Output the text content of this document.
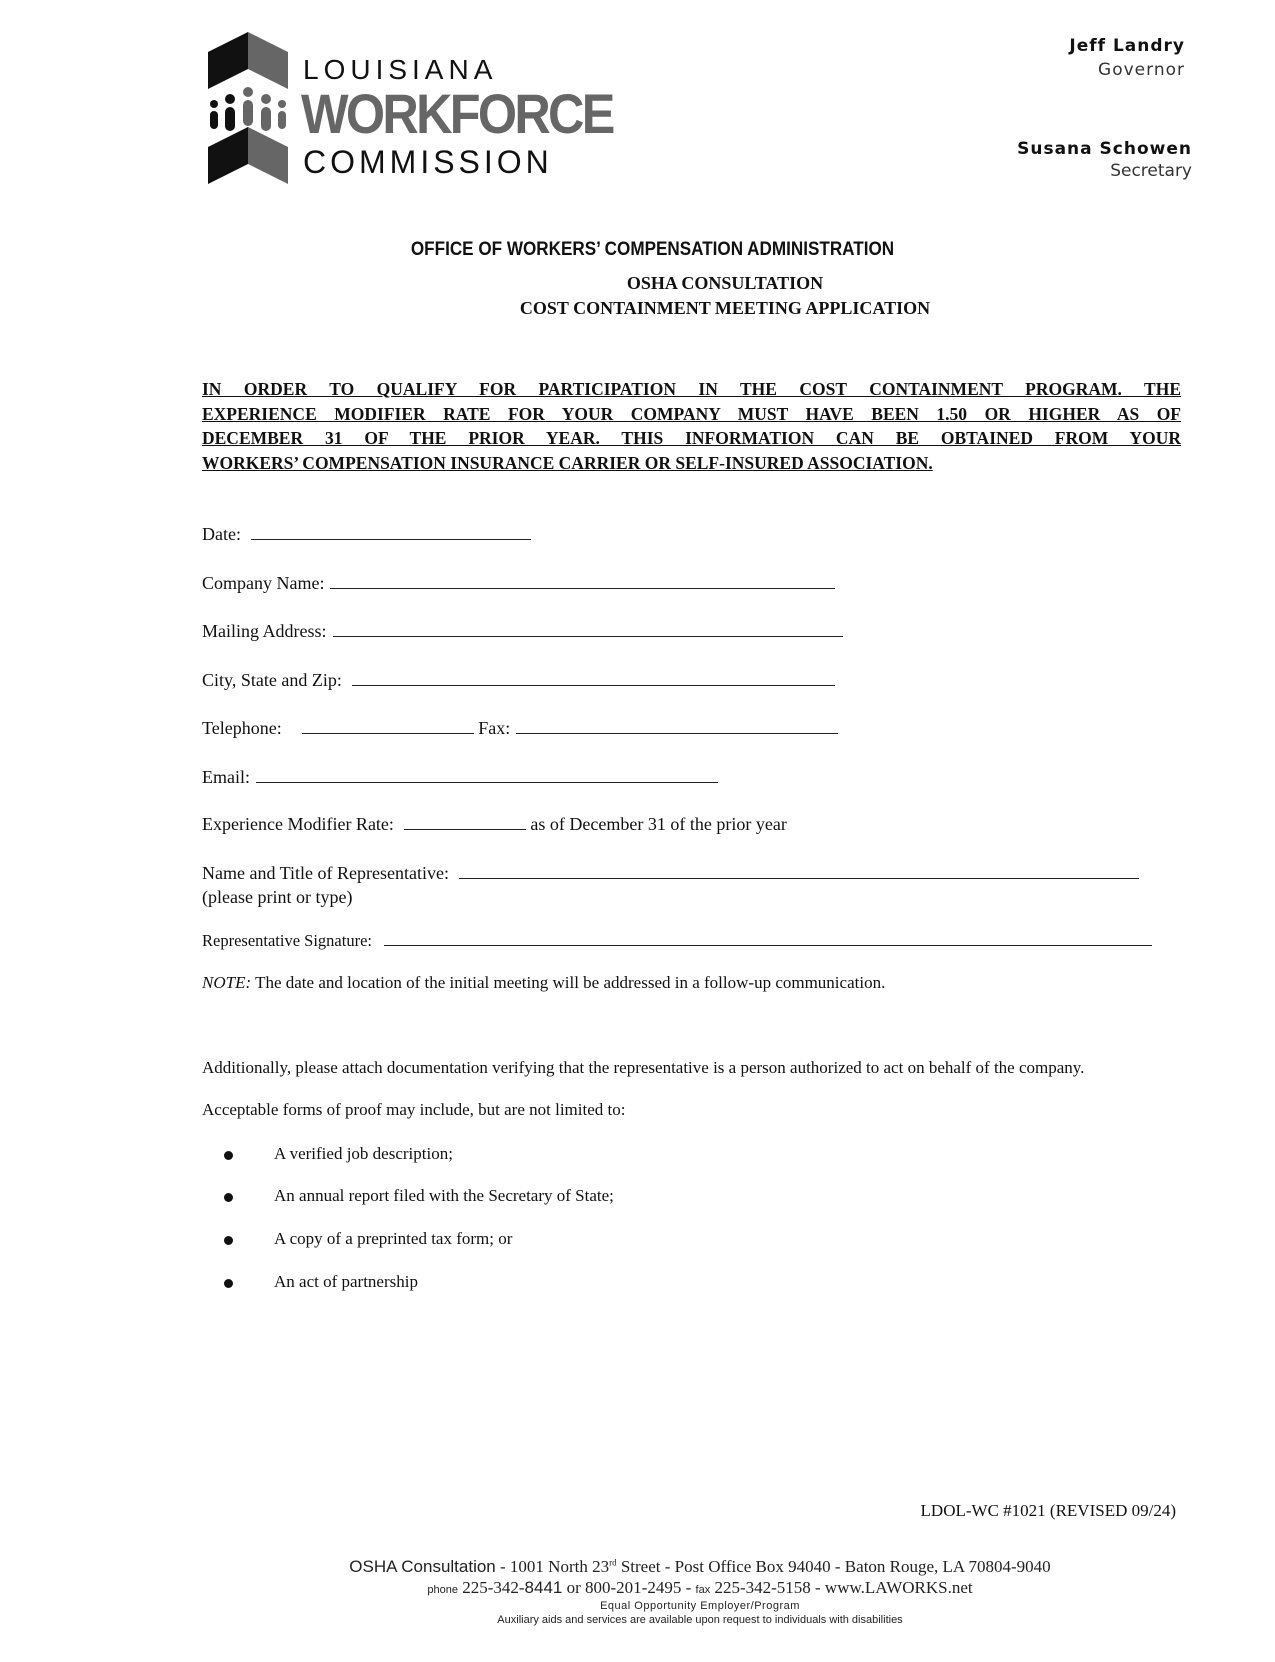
LOUISIANA
WORKFORCE
COMMISSION
Jeff Landry
Governor
Susana Schowen
Secretary
OFFICE OF WORKERS’ COMPENSATION ADMINISTRATION
OSHA CONSULTATION
COST CONTAINMENT MEETING APPLICATION
IN ORDER TO QUALIFY FOR PARTICIPATION IN THE COST CONTAINMENT PROGRAM. THE
EXPERIENCE MODIFIER RATE FOR YOUR COMPANY MUST HAVE BEEN 1.50 OR HIGHER AS OF
DECEMBER 31 OF THE PRIOR YEAR. THIS INFORMATION CAN BE OBTAINED FROM YOUR
WORKERS’ COMPENSATION INSURANCE CARRIER OR SELF-INSURED ASSOCIATION.
Date:
Company Name:
Mailing Address:
City, State and Zip:
Telephone:	Fax:
Email:
Experience Modifier Rate:	as of December 31 of the prior year
Name and Title of Representative:
(please print or type)
Representative Signature:
NOTE: The date and location of the initial meeting will be addressed in a follow-up communication.
Additionally, please attach documentation verifying that the representative is a person authorized to act on behalf of the company.
Acceptable forms of proof may include, but are not limited to:
A verified job description;
An annual report filed with the Secretary of State;
A copy of a preprinted tax form; or
An act of partnership
LDOL-WC #1021 (REVISED 09/24)
OSHA Consultation - 1001 North 23rd Street - Post Office Box 94040 - Baton Rouge, LA 70804-9040
phone 225-342-8441 or 800-201-2495 - fax 225-342-5158 - www.LAWORKS.net
Equal Opportunity Employer/Program
Auxiliary aids and services are available upon request to individuals with disabilities
